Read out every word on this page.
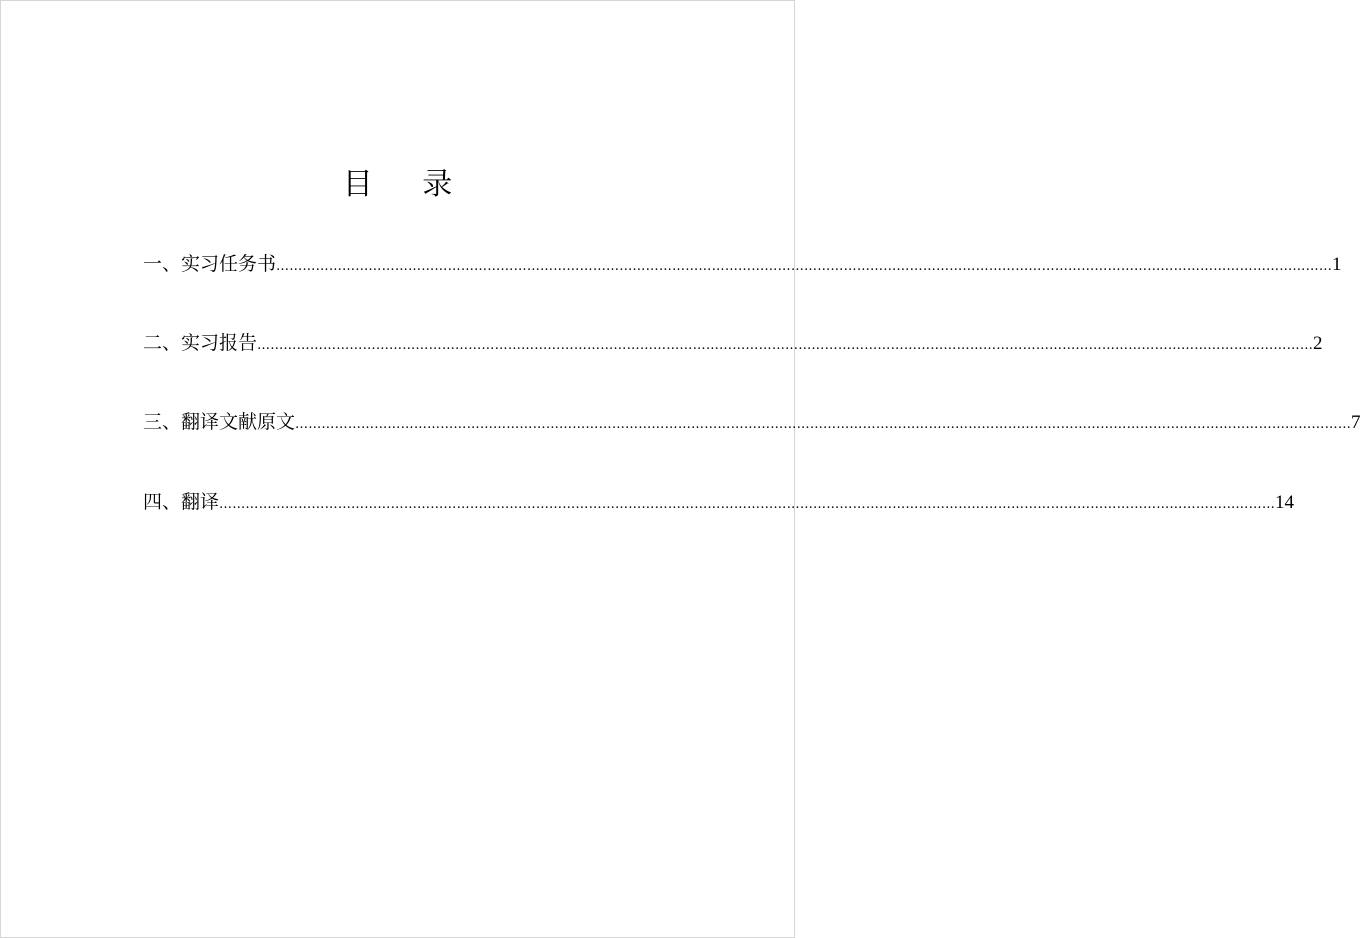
目 录
一、 实习任务书 …………………………………………………………………………………………………………………………………………………………………………………………………………………… 1
二、 实习报告 …………………………………………………………………………………………………………………………………………………………………………………………………………………… 2
三、 翻译文献原文 …………………………………………………………………………………………………………………………………………………………………………………………………………………… 7
四、 翻译 …………………………………………………………………………………………………………………………………………………………………………………………………………………… 14
